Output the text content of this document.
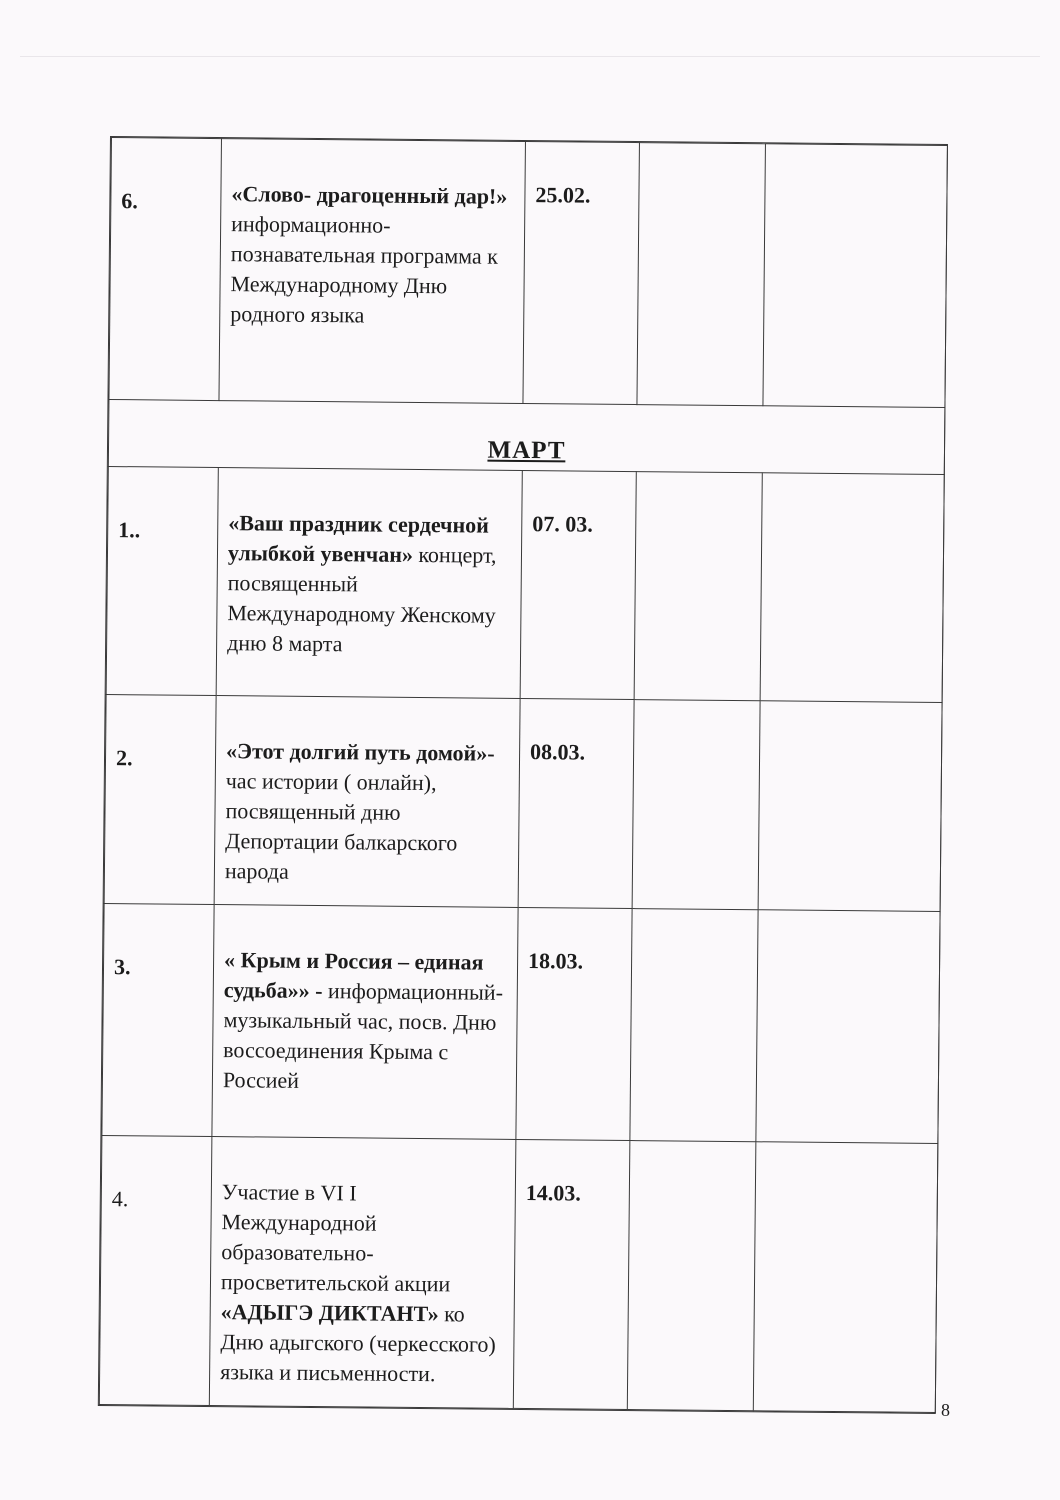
6.	«Слово- драгоценный дар!» информационно-познавательная программа к Международному Дню родного языка	25.02.		
МАРТ				
1..	«Ваш праздник сердечной улыбкой увенчан» концерт, посвященный Международному Женскому дню 8 марта	07. 03.		
2.	«Этот долгий путь домой»- час истории ( онлайн), посвященный дню Депортации балкарского народа	08.03.		
3.	« Крым и Россия – единая судьба»» - информационный-музыкальный час, посв. Дню воссоединения Крыма с Россией	18.03.		
4.	Участие в VI I Международной образовательно-просветительской акции «АДЫГЭ ДИКТАНТ» ко Дню адыгского (черкесского) языка и письменности.	14.03.		
8
